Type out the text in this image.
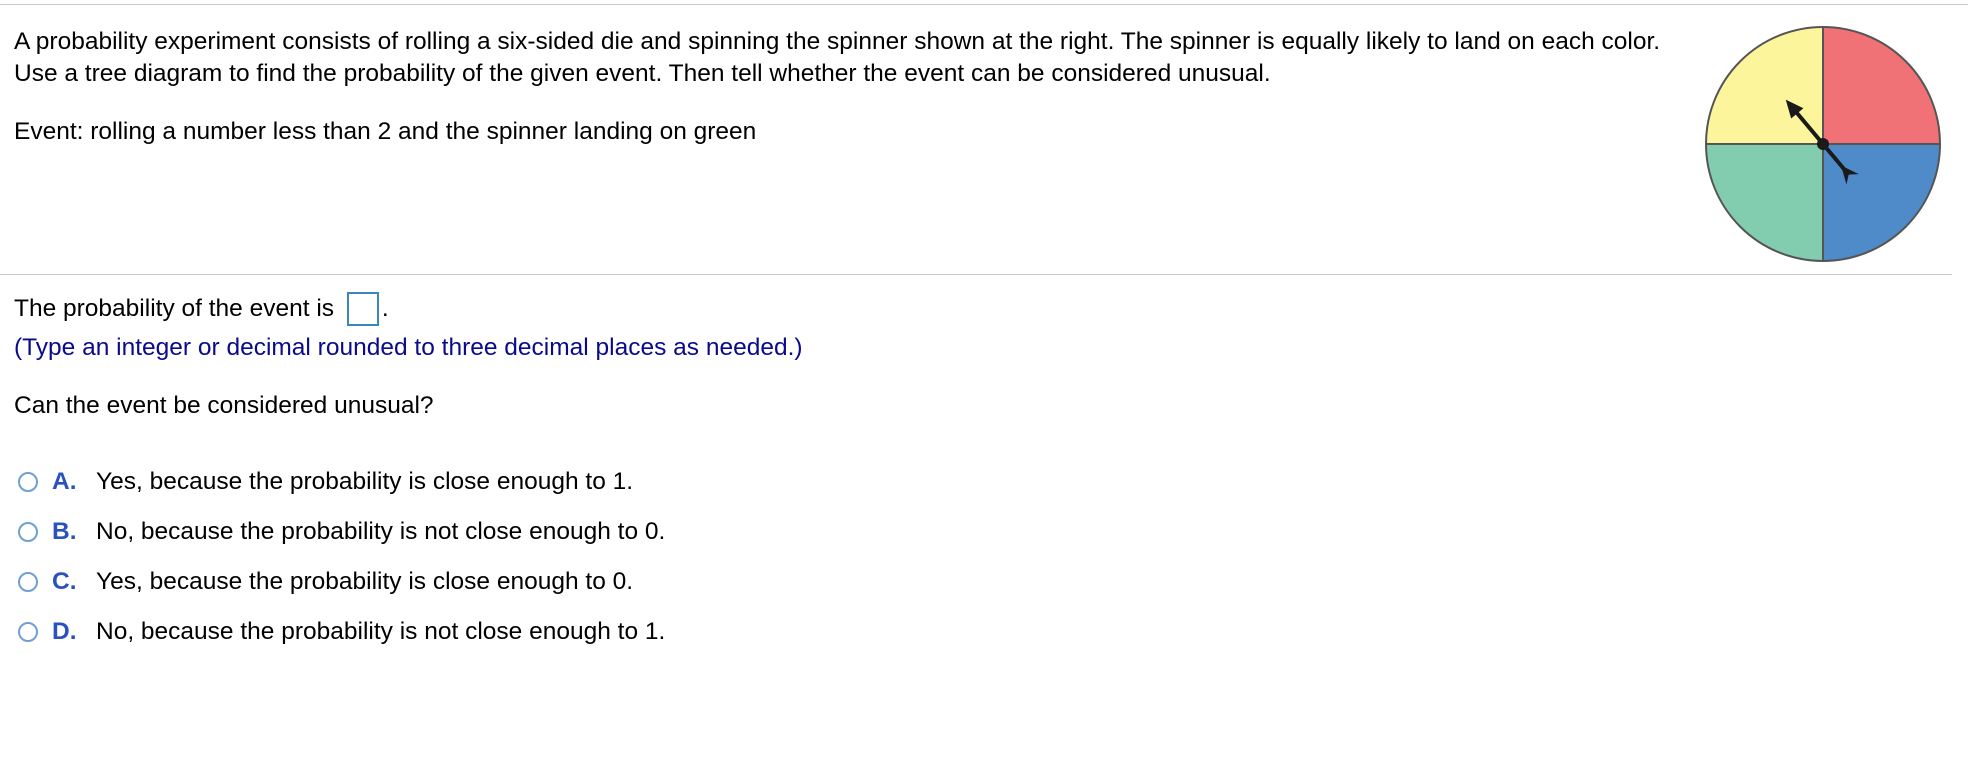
A probability experiment consists of rolling a six-sided die and spinning the spinner shown at the right. The spinner is equally likely to land on each color. Use a tree diagram to find the probability of the given event. Then tell whether the event can be considered unusual.

Event: rolling a number less than 2 and the spinner landing on green
The probability of the event is .
(Type an integer or decimal rounded to three decimal places as needed.)
Can the event be considered unusual?
A. Yes, because the probability is close enough to 1.
B. No, because the probability is not close enough to 0.
C. Yes, because the probability is close enough to 0.
D. No, because the probability is not close enough to 1.
